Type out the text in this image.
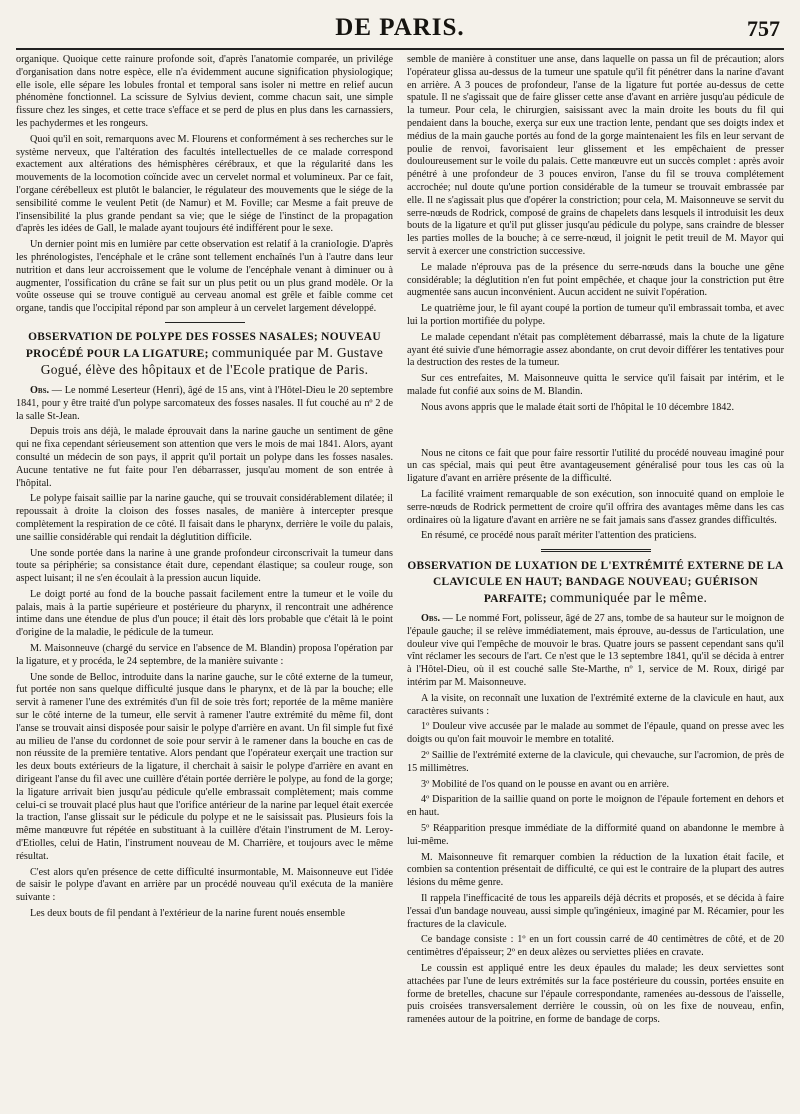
DE PARIS.	757

organique. Quoique cette rainure profonde soit, d'après l'anatomie comparée, un privilége d'organisation dans notre espèce, elle n'a évidemment aucune signification physiologique; elle isole, elle sépare les lobules frontal et temporal sans isoler ni mettre en relief aucun phénomène fonctionnel. La scissure de Sylvius devient, comme chacun sait, une simple fissure chez les singes, et cette trace s'efface et se perd de plus en plus dans les carnassiers, les pachydermes et les rongeurs.

Quoi qu'il en soit, remarquons avec M. Flourens et conformément à ses recherches sur le système nerveux, que l'altération des facultés intellectuelles de ce malade correspond exactement aux altérations des hémisphères cérébraux, et que la régularité dans les mouvements de la locomotion coïncide avec un cervelet normal et volumineux. Par ce fait, l'organe cérébelleux est plutôt le balancier, le régulateur des mouvements que le siége de la sensibilité comme le veulent Petit (de Namur) et M. Foville; car Mesme a fait preuve de l'insensibilité la plus grande pendant sa vie; que le siége de l'instinct de la propagation d'après les idées de Gall, le malade ayant toujours été indifférent pour le sexe.

Un dernier point mis en lumière par cette observation est relatif à la cranioIogie. D'après les phrénologistes, l'encéphale et le crâne sont tellement enchaînés l'un à l'autre dans leur nutrition et dans leur accroissement que le volume de l'encéphale venant à diminuer ou à augmenter, l'ossification du crâne se fait sur un plus petit ou un plus grand modèle. Or la voûte osseuse qui se trouve contiguë au cerveau anomal est grêle et faible comme cet organe, tandis que l'occipital répond par son ampleur à un cervelet largement développé.

OBSERVATION DE POLYPE DES FOSSES NASALES; NOUVEAU PROCÉDÉ POUR LA LIGATURE; communiquée par M. Gustave Gogué, élève des hôpitaux et de l'Ecole pratique de Paris.

Obs. — Le nommé Leserteur (Henri), âgé de 15 ans, vint à l'Hôtel-Dieu le 20 septembre 1841, pour y être traité d'un polype sarcomateux des fosses nasales. Il fut couché au nº 2 de la salle St-Jean.

Depuis trois ans déjà, le malade éprouvait dans la narine gauche un sentiment de gêne qui ne fixa cependant sérieusement son attention que vers le mois de mai 1841. Alors, ayant consulté un médecin de son pays, il apprit qu'il portait un polype dans les fosses nasales. Aucune tentative ne fut faite pour l'en débarrasser, jusqu'au moment de son entrée à l'hôpital.

Le polype faisait saillie par la narine gauche, qui se trouvait considérablement dilatée; il repoussait à droite la cloison des fosses nasales, de manière à intercepter presque complètement la respiration de ce côté. Il faisait dans le pharynx, derrière le voile du palais, une saillie considérable qui rendait la déglutition difficile.

Une sonde portée dans la narine à une grande profondeur circonscrivait la tumeur dans toute sa périphérie; sa consistance était dure, cependant élastique; sa couleur rouge, son aspect luisant; il ne s'en écoulait à la pression aucun liquide.

Le doigt porté au fond de la bouche passait facilement entre la tumeur et le voile du palais, mais à la partie supérieure et postérieure du pharynx, il rencontrait une adhérence intime dans une étendue de plus d'un pouce; il était dès lors probable que c'était là le point d'origine de la maladie, le pédicule de la tumeur.

M. Maisonneuve (chargé du service en l'absence de M. Blandin) proposa l'opération par la ligature, et y procéda, le 24 septembre, de la manière suivante :

Une sonde de Belloc, introduite dans la narine gauche, sur le côté externe de la tumeur, fut portée non sans quelque difficulté jusque dans le pharynx, et de là par la bouche; elle servit à ramener l'une des extrémités d'un fil de soie très fort; reportée de la même manière sur le côté interne de la tumeur, elle servit à ramener l'autre extrémité du même fil, dont l'anse se trouvait ainsi disposée pour saisir le polype d'arrière en avant. Un fil simple fut fixé au milieu de l'anse du cordonnet de soie pour servir à le ramener dans la bouche en cas de non réussite de la première tentative. Alors pendant que l'opérateur exerçait une traction sur les deux bouts extérieurs de la ligature, il cherchait à saisir le polype d'arrière en avant en dirigeant l'anse du fil avec une cuillère d'étain portée derrière le polype, au fond de la gorge; la ligature arrivait bien jusqu'au pédicule qu'elle embrassait complètement; mais comme celui-ci se trouvait placé plus haut que l'orifice antérieur de la narine par lequel était exercée la traction, l'anse glissait sur le pédicule du polype et ne le saisissait pas. Plusieurs fois la même manœuvre fut répétée en substituant à la cuillère d'étain l'instrument de M. Leroy-d'Etiolles, celui de Hatin, l'instrument nouveau de M. Charrière, et toujours avec le même résultat.

C'est alors qu'en présence de cette difficulté insurmontable, M. Maisonneuve eut l'idée de saisir le polype d'avant en arrière par un procédé nouveau qu'il exécuta de la manière suivante :

Les deux bouts de fil pendant à l'extérieur de la narine furent noués ensemble

semble de manière à constituer une anse, dans laquelle on passa un fil de précaution; alors l'opérateur glissa au-dessus de la tumeur une spatule qu'il fit pénétrer dans la narine d'avant en arrière. A 3 pouces de profondeur, l'anse de la ligature fut portée au-dessus de cette spatule. Il ne s'agissait que de faire glisser cette anse d'avant en arrière jusqu'au pédicule de la tumeur. Pour cela, le chirurgien, saisissant avec la main droite les bouts du fil qui pendaient dans la bouche, exerça sur eux une traction lente, pendant que ses doigts index et médius de la main gauche portés au fond de la gorge maintenaient les fils en leur servant de poulie de renvoi, favorisaient leur glissement et les empêchaient de presser douloureusement sur le voile du palais. Cette manœuvre eut un succès complet : après avoir pénétré à une profondeur de 3 pouces environ, l'anse du fil se trouva complétement accrochée; nul doute qu'une portion considérable de la tumeur se trouvait embrassée par elle. Il ne s'agissait plus que d'opérer la constriction; pour cela, M. Maisonneuve se servit du serre-nœuds de Rodrick, composé de grains de chapelets dans lesquels il introduisit les deux bouts de la ligature et qu'il put glisser jusqu'au pédicule du polype, sans craindre de blesser les parties molles de la bouche; à ce serre-nœud, il joignit le petit treuil de M. Mayor qui servit à exercer une constriction successive.

Le malade n'éprouva pas de la présence du serre-nœuds dans la bouche une gêne considérable; la déglutition n'en fut point empêchée, et chaque jour la constriction put être augmentée sans aucun inconvénient. Aucun accident ne suivit l'opération.

Le quatrième jour, le fil ayant coupé la portion de tumeur qu'il embrassait tomba, et avec lui la portion mortifiée du polype.

Le malade cependant n'était pas complètement débarrassé, mais la chute de la ligature ayant été suivie d'une hémorragie assez abondante, on crut devoir différer les tentatives pour la destruction des restes de la tumeur.

Sur ces entrefaites, M. Maisonneuve quitta le service qu'il faisait par intérim, et le malade fut confié aux soins de M. Blandin.

Nous avons appris que le malade était sorti de l'hôpital le 10 décembre 1842.

Nous ne citons ce fait que pour faire ressortir l'utilité du procédé nouveau imaginé pour un cas spécial, mais qui peut être avantageusement généralisé pour tous les cas où la ligature d'avant en arrière présente de la difficulté.

La facilité vraiment remarquable de son exécution, son innocuité quand on emploie le serre-nœuds de Rodrick permettent de croire qu'il offrira des avantages même dans les cas ordinaires où la ligature d'avant en arrière ne se fait jamais sans d'assez grandes difficultés.

En résumé, ce procédé nous paraît mériter l'attention des praticiens.

OBSERVATION DE LUXATION DE L'EXTRÉMITÉ EXTERNE DE LA CLAVICULE EN HAUT; BANDAGE NOUVEAU; GUÉRISON PARFAITE; communiquée par le même.

Obs. — Le nommé Fort, polisseur, âgé de 27 ans, tombe de sa hauteur sur le moignon de l'épaule gauche; il se relève immédiatement, mais éprouve, au-dessus de l'articulation, une douleur vive qui l'empêche de mouvoir le bras. Quatre jours se passent cependant sans qu'il vînt réclamer les secours de l'art. Ce n'est que le 13 septembre 1841, qu'il se décida à entrer à l'Hôtel-Dieu, où il est couché salle Ste-Marthe, nº 1, service de M. Roux, dirigé par intérim par M. Maisonneuve.

A la visite, on reconnaît une luxation de l'extrémité externe de la clavicule en haut, aux caractères suivants :

1º Douleur vive accusée par le malade au sommet de l'épaule, quand on presse avec les doigts ou qu'on fait mouvoir le membre en totalité.

2º Saillie de l'extrémité externe de la clavicule, qui chevauche, sur l'acromion, de près de 15 millimètres.

3º Mobilité de l'os quand on le pousse en avant ou en arrière.

4º Disparition de la saillie quand on porte le moignon de l'épaule fortement en dehors et en haut.

5º Réapparition presque immédiate de la difformité quand on abandonne le membre à lui-même.

M. Maisonneuve fit remarquer combien la réduction de la luxation était facile, et combien sa contention présentait de difficulté, ce qui est le contraire de la plupart des autres lésions du même genre.

Il rappela l'inefficacité de tous les appareils déjà décrits et proposés, et se décida à faire l'essai d'un bandage nouveau, aussi simple qu'ingénieux, imaginé par M. Récamier, pour les fractures de la clavicule.

Ce bandage consiste : 1º en un fort coussin carré de 40 centimètres de côté, et de 20 centimètres d'épaisseur; 2º en deux alèzes ou serviettes pliées en cravate.

Le coussin est appliqué entre les deux épaules du malade; les deux serviettes sont attachées par l'une de leurs extrémités sur la face postérieure du coussin, portées ensuite en forme de bretelles, chacune sur l'épaule correspondante, ramenées au-dessous de l'aisselle, puis croisées transversalement derrière le coussin, où on les fixe de nouveau, enfin, ramenées autour de la poitrine, en forme de bandage de corps.
